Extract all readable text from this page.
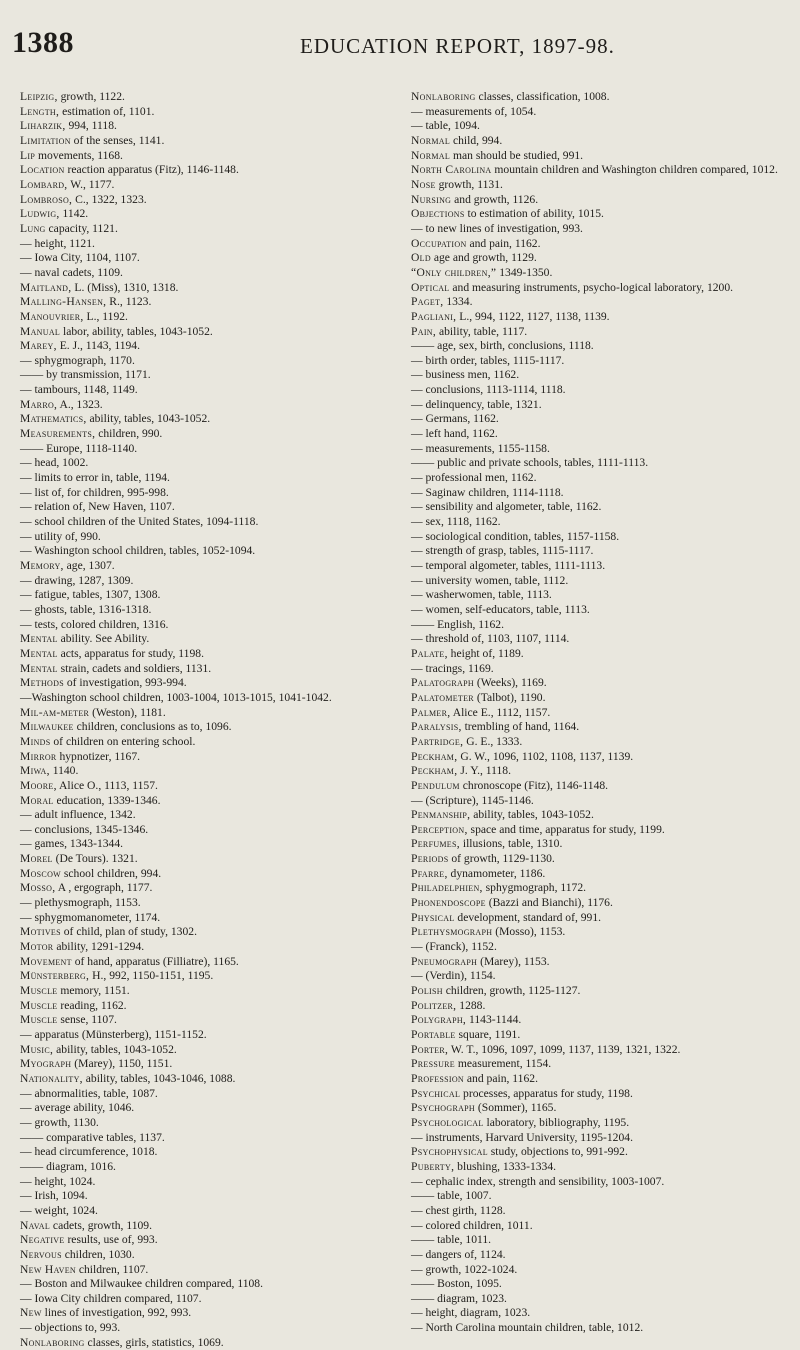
1388	EDUCATION REPORT, 1897-98.
Leipzig, growth, 1122.
Length, estimation of, 1101.
Liharzik, 994, 1118.
Limitation of the senses, 1141.
Lip movements, 1168.
Location reaction apparatus (Fitz), 1146-1148.
Lombard, W., 1177.
Lombroso, C., 1322, 1323.
Ludwig, 1142.
Lung capacity, 1121.
— height, 1121.
— Iowa City, 1104, 1107.
— naval cadets, 1109.
Maitland, L. (Miss), 1310, 1318.
Malling-Hansen, R., 1123.
Manouvrier, L., 1192.
Manual labor, ability, tables, 1043-1052.
Marey, E. J., 1143, 1194.
— sphygmograph, 1170.
—— by transmission, 1171.
— tambours, 1148, 1149.
Marro, A., 1323.
Mathematics, ability, tables, 1043-1052.
Measurements, children, 990.
—— Europe, 1118-1140.
— head, 1002.
— limits to error in, table, 1194.
— list of, for children, 995-998.
— relation of, New Haven, 1107.
— school children of the United States, 1094-1118.
— utility of, 990.
— Washington school children, tables, 1052-1094.
Memory, age, 1307.
— drawing, 1287, 1309.
— fatigue, tables, 1307, 1308.
— ghosts, table, 1316-1318.
— tests, colored children, 1316.
Mental ability. See Ability.
Mental acts, apparatus for study, 1198.
Mental strain, cadets and soldiers, 1131.
Methods of investigation, 993-994.
—Washington school children, 1003-1004, 1013-1015, 1041-1042.
Mil-am-meter (Weston), 1181.
Milwaukee children, conclusions as to, 1096.
Minds of children on entering school.
Mirror hypnotizer, 1167.
Miwa, 1140.
Moore, Alice O., 1113, 1157.
Moral education, 1339-1346.
— adult influence, 1342.
— conclusions, 1345-1346.
— games, 1343-1344.
Morel (De Tours). 1321.
Moscow school children, 994.
Mosso, A , ergograph, 1177.
— plethysmograph, 1153.
— sphygmomanometer, 1174.
Motives of child, plan of study, 1302.
Motor ability, 1291-1294.
Movement of hand, apparatus (Filliatre), 1165.
Münsterberg, H., 992, 1150-1151, 1195.
Muscle memory, 1151.
Muscle reading, 1162.
Muscle sense, 1107.
— apparatus (Münsterberg), 1151-1152.
Music, ability, tables, 1043-1052.
Myograph (Marey), 1150, 1151.
Nationality, ability, tables, 1043-1046, 1088.
— abnormalities, table, 1087.
— average ability, 1046.
— growth, 1130.
—— comparative tables, 1137.
— head circumference, 1018.
—— diagram, 1016.
— height, 1024.
— Irish, 1094.
— weight, 1024.
Naval cadets, growth, 1109.
Negative results, use of, 993.
Nervous children, 1030.
New Haven children, 1107.
— Boston and Milwaukee children compared, 1108.
— Iowa City children compared, 1107.
New lines of investigation, 992, 993.
— objections to, 993.
Nonlaboring classes, girls, statistics, 1069.
Nonlaboring classes, classification, 1008.
— measurements of, 1054.
— table, 1094.
Normal child, 994.
Normal man should be studied, 991.
North Carolina mountain children and Washington children compared, 1012.
Nose growth, 1131.
Nursing and growth, 1126.
Objections to estimation of ability, 1015.
— to new lines of investigation, 993.
Occupation and pain, 1162.
Old age and growth, 1129.
“Only children,” 1349-1350.
Optical and measuring instruments, psycho-logical laboratory, 1200.
Paget, 1334.
Pagliani, L., 994, 1122, 1127, 1138, 1139.
Pain, ability, table, 1117.
—— age, sex, birth, conclusions, 1118.
— birth order, tables, 1115-1117.
— business men, 1162.
— conclusions, 1113-1114, 1118.
— delinquency, table, 1321.
— Germans, 1162.
— left hand, 1162.
— measurements, 1155-1158.
—— public and private schools, tables, 1111-1113.
— professional men, 1162.
— Saginaw children, 1114-1118.
— sensibility and algometer, table, 1162.
— sex, 1118, 1162.
— sociological condition, tables, 1157-1158.
— strength of grasp, tables, 1115-1117.
— temporal algometer, tables, 1111-1113.
— university women, table, 1112.
— washerwomen, table, 1113.
— women, self-educators, table, 1113.
—— English, 1162.
— threshold of, 1103, 1107, 1114.
Palate, height of, 1189.
— tracings, 1169.
Palatograph (Weeks), 1169.
Palatometer (Talbot), 1190.
Palmer, Alice E., 1112, 1157.
Paralysis, trembling of hand, 1164.
Partridge, G. E., 1333.
Peckham, G. W., 1096, 1102, 1108, 1137, 1139.
Peckham, J. Y., 1118.
Pendulum chronoscope (Fitz), 1146-1148.
— (Scripture), 1145-1146.
Penmanship, ability, tables, 1043-1052.
Perception, space and time, apparatus for study, 1199.
Perfumes, illusions, table, 1310.
Periods of growth, 1129-1130.
Pfarre, dynamometer, 1186.
Philadelphien, sphygmograph, 1172.
Phonendoscope (Bazzi and Bianchi), 1176.
Physical development, standard of, 991.
Plethysmograph (Mosso), 1153.
— (Franck), 1152.
Pneumograph (Marey), 1153.
— (Verdin), 1154.
Polish children, growth, 1125-1127.
Politzer, 1288.
Polygraph, 1143-1144.
Portable square, 1191.
Porter, W. T., 1096, 1097, 1099, 1137, 1139, 1321, 1322.
Pressure measurement, 1154.
Profession and pain, 1162.
Psychical processes, apparatus for study, 1198.
Psychograph (Sommer), 1165.
Psychological laboratory, bibliography, 1195.
— instruments, Harvard University, 1195-1204.
Psychophysical study, objections to, 991-992.
Puberty, blushing, 1333-1334.
— cephalic index, strength and sensibility, 1003-1007.
—— table, 1007.
— chest girth, 1128.
— colored children, 1011.
—— table, 1011.
— dangers of, 1124.
— growth, 1022-1024.
—— Boston, 1095.
—— diagram, 1023.
— height, diagram, 1023.
— North Carolina mountain children, table, 1012.
